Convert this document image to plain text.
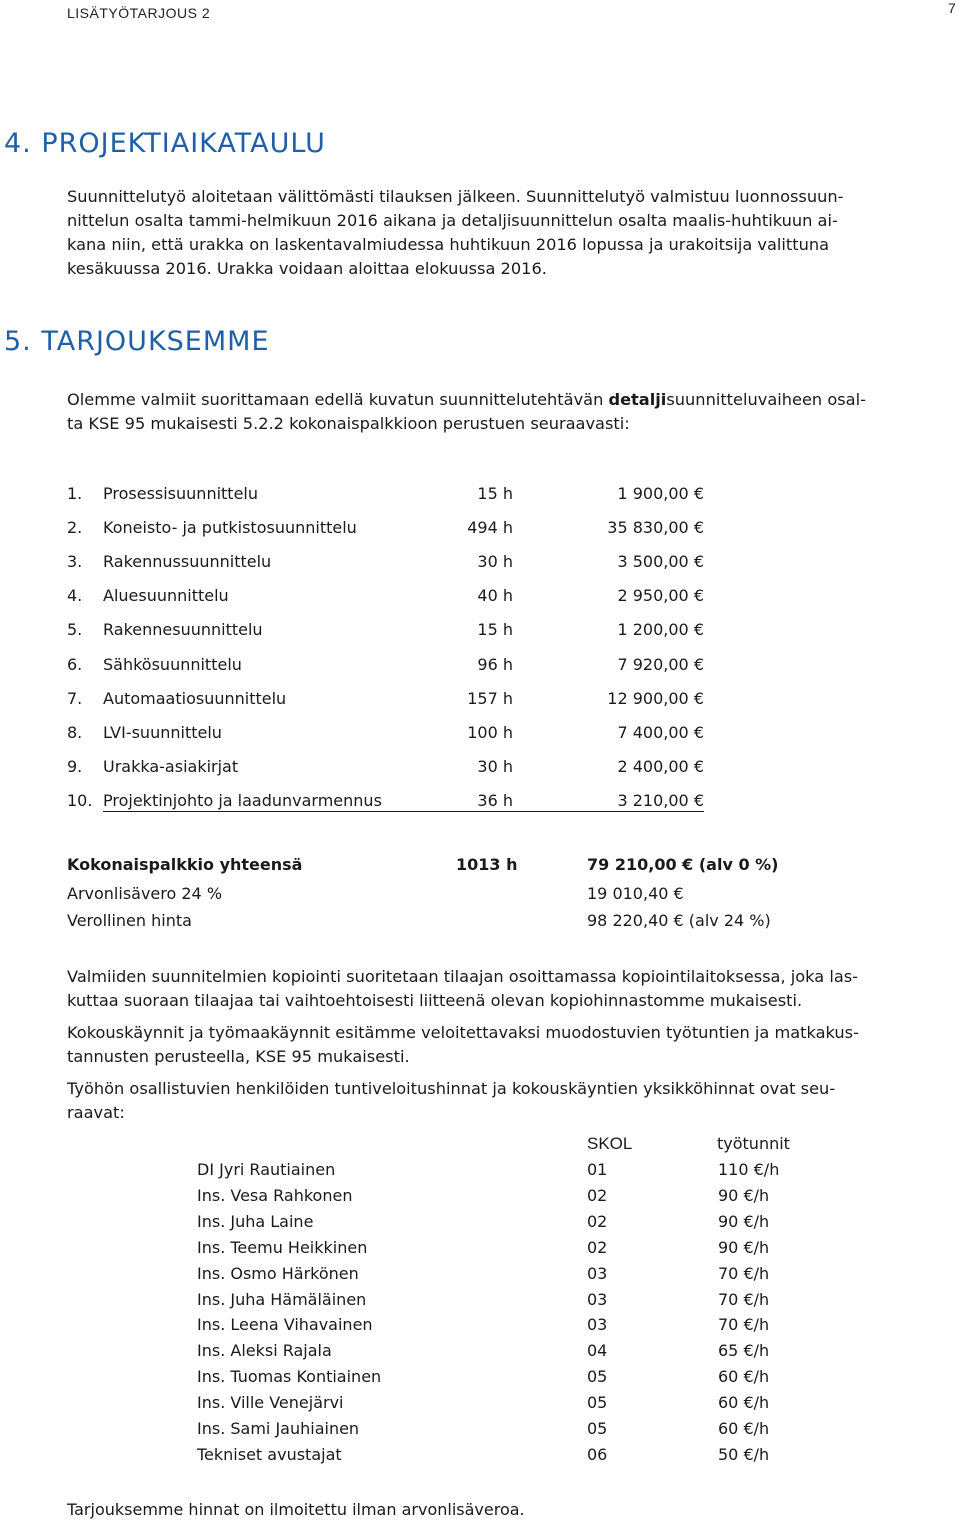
LISÄTYÖTARJOUS 2	7
4. PROJEKTIAIKATAULU
Suunnittelutyö aloitetaan välittömästi tilauksen jälkeen. Suunnittelutyö valmistuu luonnossuun-
nittelun osalta tammi-helmikuun 2016 aikana ja detaljisuunnittelun osalta maalis-huhtikuun ai-
kana niin, että urakka on laskentavalmiudessa huhtikuun 2016 lopussa ja urakoitsija valittuna
kesäkuussa 2016. Urakka voidaan aloittaa elokuussa 2016.
5. TARJOUKSEMME
Olemme valmiit suorittamaan edellä kuvatun suunnittelutehtävän detaljisuunnitteluvaiheen osal-
ta KSE 95 mukaisesti 5.2.2 kokonaispalkkioon perustuen seuraavasti:
1.	Prosessisuunnittelu	15 h	1 900,00 €
2.	Koneisto- ja putkistosuunnittelu	494 h	35 830,00 €
3.	Rakennussuunnittelu	30 h	3 500,00 €
4.	Aluesuunnittelu	40 h	2 950,00 €
5.	Rakennesuunnittelu	15 h	1 200,00 €
6.	Sähkösuunnittelu	96 h	7 920,00 €
7.	Automaatiosuunnittelu	157 h	12 900,00 €
8.	LVI-suunnittelu	100 h	7 400,00 €
9.	Urakka-asiakirjat	30 h	2 400,00 €
10. Projektinjohto ja laadunvarmennus	36 h	3 210,00 €
Kokonaispalkkio yhteensä	1013 h	79 210,00 € (alv 0 %)
Arvonlisävero 24 %	19 010,40 €
Verollinen hinta	98 220,40 € (alv 24 %)
Valmiiden suunnitelmien kopiointi suoritetaan tilaajan osoittamassa kopiointilaitoksessa, joka las-
kuttaa suoraan tilaajaa tai vaihtoehtoisesti liitteenä olevan kopiohinnastomme mukaisesti.
Kokouskäynnit ja työmaakäynnit esitämme veloitettavaksi muodostuvien työtuntien ja matkakus-
tannusten perusteella, KSE 95 mukaisesti.
Työhön osallistuvien henkilöiden tuntiveloitushinnat ja kokouskäyntien yksikköhinnat ovat seu-
raavat:
SKOL	työtunnit
DI Jyri Rautiainen	01	110 €/h
Ins. Vesa Rahkonen	02	90 €/h
Ins. Juha Laine	02	90 €/h
Ins. Teemu Heikkinen	02	90 €/h
Ins. Osmo Härkönen	03	70 €/h
Ins. Juha Hämäläinen	03	70 €/h
Ins. Leena Vihavainen	03	70 €/h
Ins. Aleksi Rajala	04	65 €/h
Ins. Tuomas Kontiainen	05	60 €/h
Ins. Ville Venejärvi	05	60 €/h
Ins. Sami Jauhiainen	05	60 €/h
Tekniset avustajat	06	50 €/h
Tarjouksemme hinnat on ilmoitettu ilman arvonlisäveroa.
